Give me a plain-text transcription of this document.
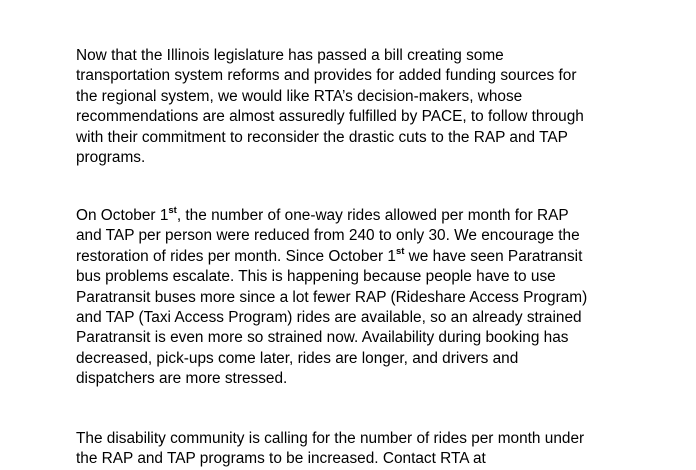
Now that the Illinois legislature has passed a bill creating some
transportation system reforms and provides for added funding sources for
the regional system, we would like RTA’s decision-makers, whose
recommendations are almost assuredly fulfilled by PACE, to follow through
with their commitment to reconsider the drastic cuts to the RAP and TAP
programs.

On October 1st, the number of one-way rides allowed per month for RAP
and TAP per person were reduced from 240 to only 30. We encourage the
restoration of rides per month. Since October 1st we have seen Paratransit
bus problems escalate. This is happening because people have to use
Paratransit buses more since a lot fewer RAP (Rideshare Access Program)
and TAP (Taxi Access Program) rides are available, so an already strained
Paratransit is even more so strained now. Availability during booking has
decreased, pick-ups come later, rides are longer, and drivers and
dispatchers are more stressed.

The disability community is calling for the number of rides per month under
the RAP and TAP programs to be increased. Contact RTA at
